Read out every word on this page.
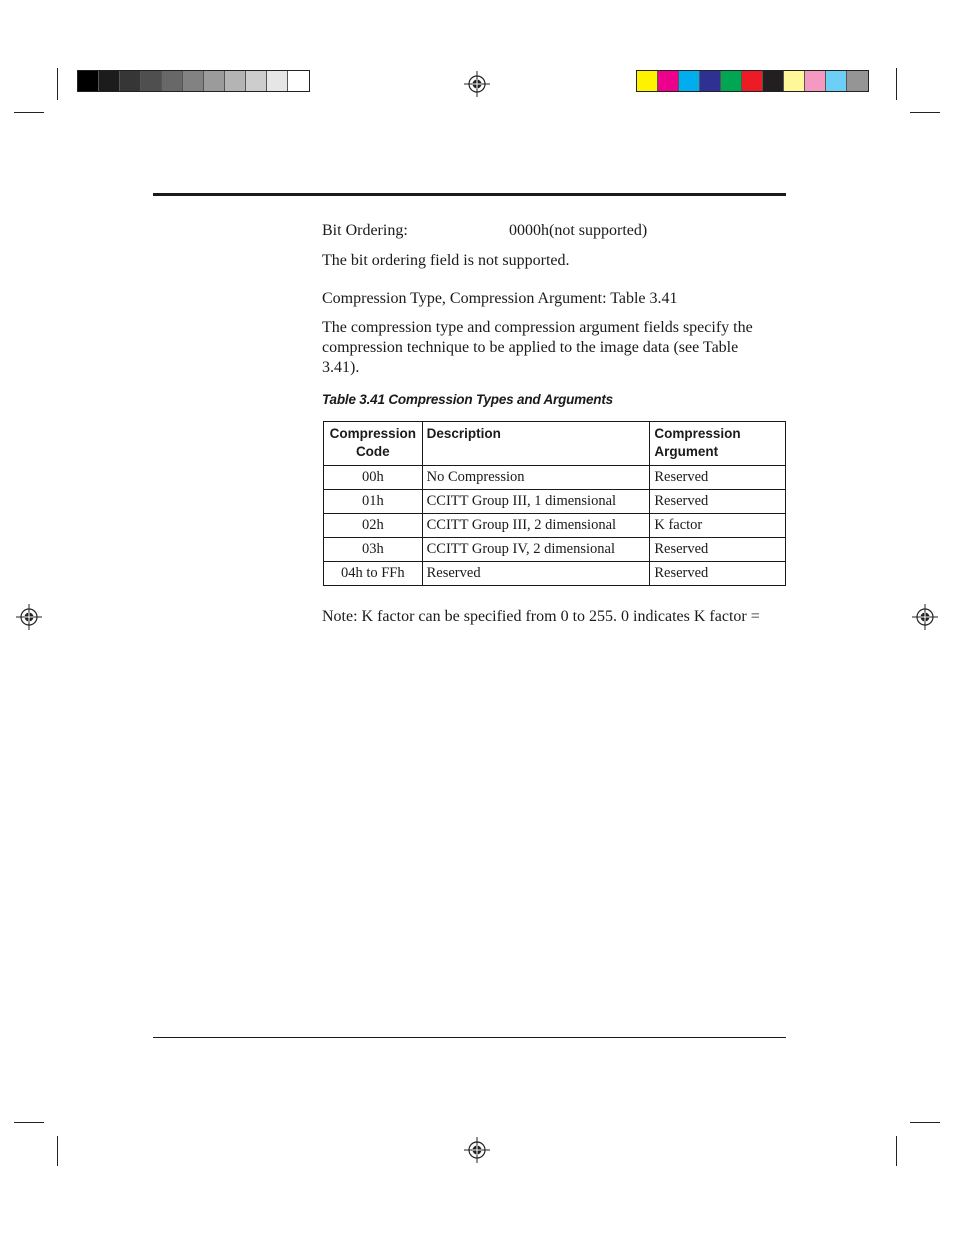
Bit Ordering:	0000h(not supported)
The bit ordering field is not supported.
Compression Type, Compression Argument: Table 3.41
The compression type and compression argument fields specify the compression technique to be applied to the image data (see Table 3.41).
Table 3.41 Compression Types and Arguments
Compression Code	Description	Compression Argument
00h	No Compression	Reserved
01h	CCITT Group III, 1 dimensional	Reserved
02h	CCITT Group III, 2 dimensional	K factor
03h	CCITT Group IV, 2 dimensional	Reserved
04h to FFh	Reserved	Reserved
Note: K factor can be specified from 0 to 255. 0 indicates K factor =
